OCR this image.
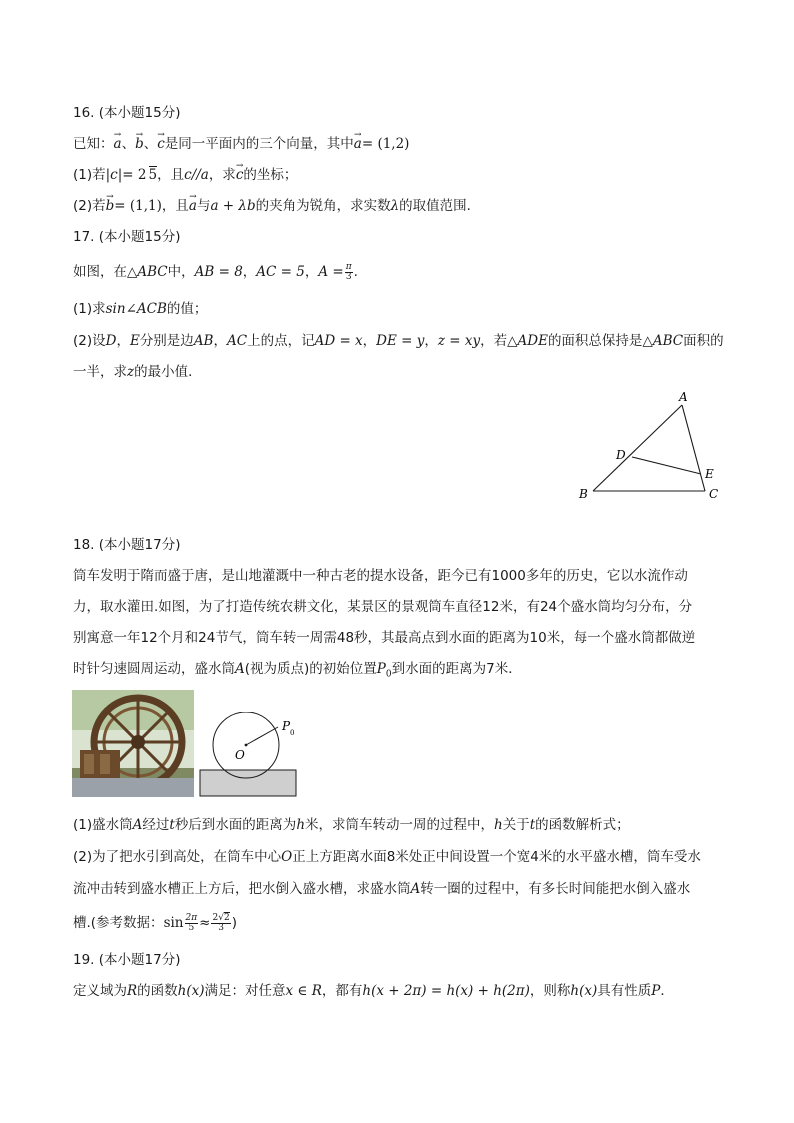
16. (本小题15分)
已知：→ a、→ b、→ c是同一平面内的三个向量，其中→ a= (1,2)
(1)若|c|= 2 5，且c//a，求→ c的坐标；
(2)若→ b= (1,1)，且→ a与a + λb的夹角为锐角，求实数λ的取值范围．
17. (本小题15分)
如图，在△ABC中，AB = 8，AC = 5，$A = \frac{\pi}{3}$ .
(1)求sin∠ACB的值；
(2)设D，E分别是边AB，AC上的点，记AD = x，DE = y，z = xy，若△ADE的面积总保持是△ABC面积的
一半，求z的最小值．
A
D
E
B	C
18. (本小题17分)
筒车发明于隋而盛于唐，是山地灌溉中一种古老的提水设备，距今已有1000多年的历史，它以水流作动
力，取水灌田.如图，为了打造传统农耕文化，某景区的景观筒车直径12米，有24个盛水筒均匀分布，分
别寓意一年12个月和24节气，筒车转一周需48秒，其最高点到水面的距离为10米，每一个盛水筒都做逆
时针匀速圆周运动，盛水筒A(视为质点)的初始位置$P_0$到水面的距离为7米．
O
P 0
(1)盛水筒A经过t秒后到水面的距离为h米，求筒车转动一周的过程中，h关于t的函数解析式；
(2)为了把水引到高处，在筒车中心O正上方距离水面8米处正中间设置一个宽4米的水平盛水槽，筒车受水
流冲击转到盛水槽正上方后，把水倒入盛水槽，求盛水筒A转一圈的过程中，有多长时间能把水倒入盛水
槽.(参考数据：$\sin \frac{2\pi}{5} \approx \frac{2√2}{3}$ )
19. (本小题17分)
定义域为R的函数h(x)满足：对任意x ∈ R，都有h(x + 2π) = h(x) + h(2π)，则称h(x)具有性质P．
